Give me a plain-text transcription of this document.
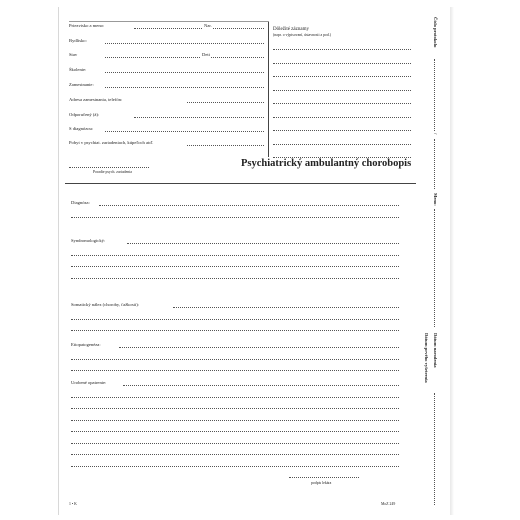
Priezvisko a meno:	Nar.
Bydlisko:
Stav	Deti
Školenie:
Zamestnanie:
Adresa zamestnania, telefón:
Odporučený (á):
S diagnózou:
Pobyt v psychiat. zariadeniach, kúpeľoch atď.
Dôležité záznamy
(napr. o výpisovaní, ústavnosti a pod.)
Poradie psych. zariadenia
Psychiatrický ambulantný chorobopis
Diagnóza:
Syndromologický:
Somatický nález (choroby, ťažkosti):
Etiopatogenéza:
Urobené opatrenie:
podpis lekára
1 • K	MoZ 249
Číslo protokolu
/
Meno:
Dátum narodenia
Dátum prvého vyšetrenia
